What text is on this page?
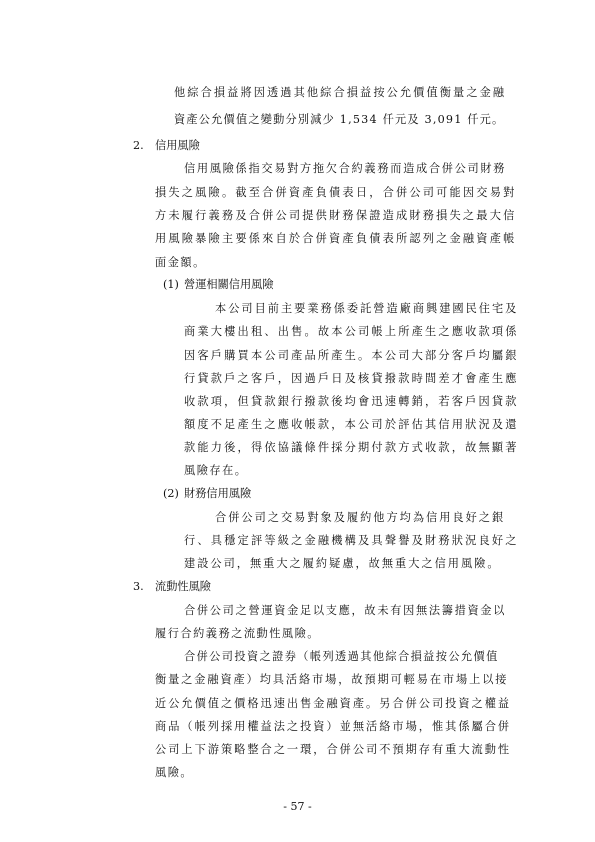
他綜合損益將因透過其他綜合損益按公允價值衡量之金融
資產公允價值之變動分別減少 1,534 仟元及 3,091 仟元。
2. 信用風險
信用風險係指交易對方拖欠合約義務而造成合併公司財務
損失之風險。截至合併資產負債表日，合併公司可能因交易對
方未履行義務及合併公司提供財務保證造成財務損失之最大信
用風險暴險主要係來自於合併資產負債表所認列之金融資產帳
面金額。
(1) 營運相關信用風險
本公司目前主要業務係委託營造廠商興建國民住宅及
商業大樓出租、出售。故本公司帳上所產生之應收款項係
因客戶購買本公司產品所產生。本公司大部分客戶均屬銀
行貸款戶之客戶，因過戶日及核貸撥款時間差才會產生應
收款項，但貸款銀行撥款後均會迅速轉銷，若客戶因貸款
額度不足產生之應收帳款，本公司於評估其信用狀況及還
款能力後，得依協議條件採分期付款方式收款，故無顯著
風險存在。
(2) 財務信用風險
合併公司之交易對象及履約他方均為信用良好之銀
行、具穩定評等級之金融機構及具聲譽及財務狀況良好之
建設公司，無重大之履約疑慮，故無重大之信用風險。
3. 流動性風險
合併公司之營運資金足以支應，故未有因無法籌措資金以
履行合約義務之流動性風險。
合併公司投資之證券（帳列透過其他綜合損益按公允價值
衡量之金融資產）均具活絡市場，故預期可輕易在市場上以接
近公允價值之價格迅速出售金融資產。另合併公司投資之權益
商品（帳列採用權益法之投資）並無活絡市場，惟其係屬合併
公司上下游策略整合之一環，合併公司不預期存有重大流動性
風險。
- 57 -
